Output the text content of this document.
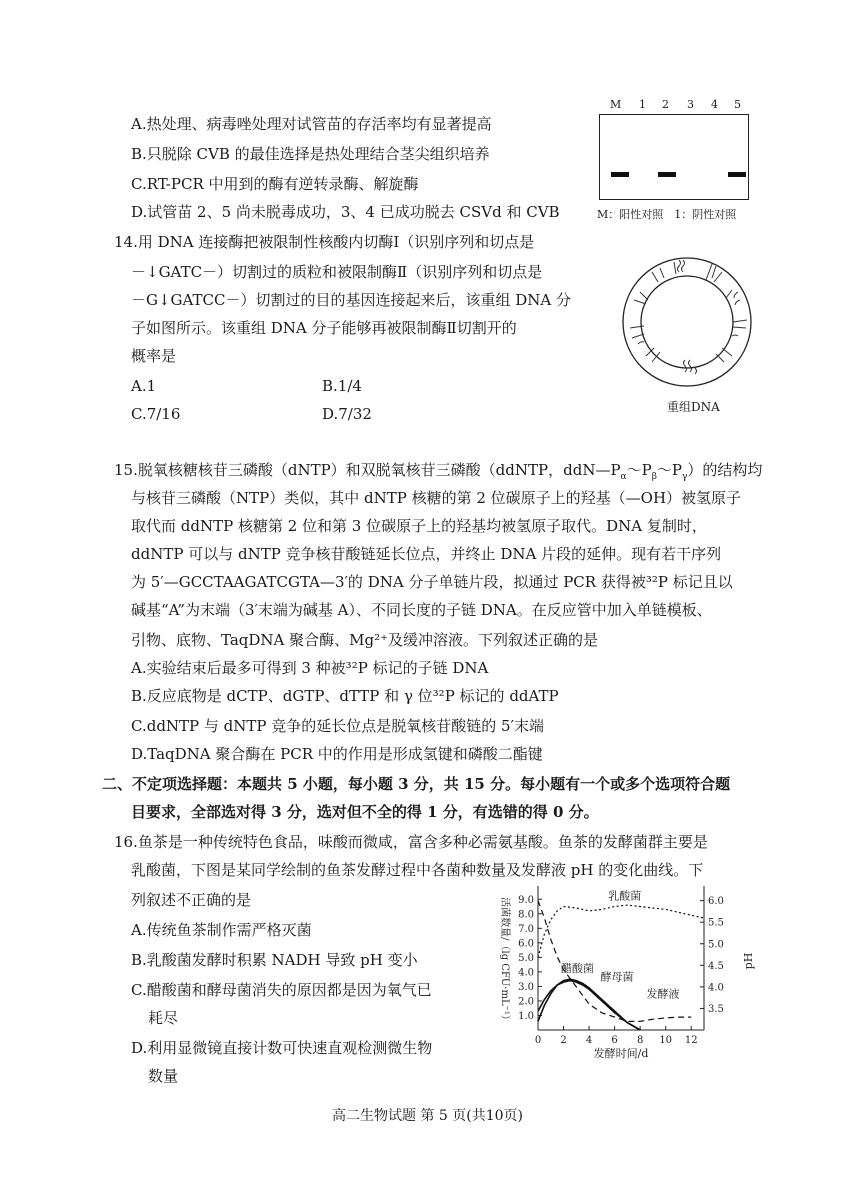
A.热处理、病毒唑处理对试管苗的存活率均有显著提高
B.只脱除 CVB 的最佳选择是热处理结合茎尖组织培养
C.RT-PCR 中用到的酶有逆转录酶、解旋酶
D.试管苗 2、5 尚未脱毒成功，3、4 已成功脱去 CSVd 和 CVB
M 1 2 3 4 5
M：阳性对照　1：阴性对照
14.用 DNA 连接酶把被限制性核酸内切酶Ⅰ（识别序列和切点是
－↓GATC－）切割过的质粒和被限制酶Ⅱ（识别序列和切点是
－G↓GATCC－）切割过的目的基因连接起来后，该重组 DNA 分
子如图所示。该重组 DNA 分子能够再被限制酶Ⅱ切割开的
概率是
A.1	B.1/4
C.7/16	D.7/32	重组DNA
15.脱氧核糖核苷三磷酸（dNTP）和双脱氧核苷三磷酸（ddNTP，$ddN—P_\alpha\sim P_\beta\sim P_\gamma$）的结构均
与核苷三磷酸（NTP）类似，其中 dNTP 核糖的第 2 位碳原子上的羟基（—OH）被氢原子
取代而 ddNTP 核糖第 2 位和第 3 位碳原子上的羟基均被氢原子取代。DNA 复制时，
ddNTP 可以与 dNTP 竞争核苷酸链延长位点，并终止 DNA 片段的延伸。现有若干序列
为 5′—GCCTAAGATCGTA—3′的 DNA 分子单链片段，拟通过 PCR 获得被³²P 标记且以
碱基“A”为末端（3′末端为碱基 A）、不同长度的子链 DNA。在反应管中加入单链模板、
引物、底物、TaqDNA 聚合酶、Mg²⁺及缓冲溶液。下列叙述正确的是
A.实验结束后最多可得到 3 种被³²P 标记的子链 DNA
B.反应底物是 dCTP、dGTP、dTTP 和 γ 位³²P 标记的 ddATP
C.ddNTP 与 dNTP 竞争的延长位点是脱氧核苷酸链的 5′末端
D.TaqDNA 聚合酶在 PCR 中的作用是形成氢键和磷酸二酯键
二、不定项选择题：本题共 5 小题，每小题 3 分，共 15 分。每小题有一个或多个选项符合题
目要求，全部选对得 3 分，选对但不全的得 1 分，有选错的得 0 分。
16.鱼茶是一种传统特色食品，味酸而微咸，富含多种必需氨基酸。鱼茶的发酵菌群主要是
乳酸菌，下图是某同学绘制的鱼茶发酵过程中各菌种数量及发酵液 pH 的变化曲线。下
列叙述不正确的是
A.传统鱼茶制作需严格灭菌
B.乳酸菌发酵时积累 NADH 导致 pH 变小
C.醋酸菌和酵母菌消失的原因都是因为氧气已
耗尽
D.利用显微镜直接计数可快速直观检测微生物
数量
1.0
2.0
3.0
4.0
5.0
6.0
7.0
8.0
9.0
3.5
4.0
4.5
5.0
5.5
6.0
0 2 4 6 8 10 12
发酵时间/d
活菌数量/（lg CFU·mL⁻¹）	pH
乳酸菌
醋酸菌
酵母菌
发酵液
高二生物试题 第 5 页(共10页)
